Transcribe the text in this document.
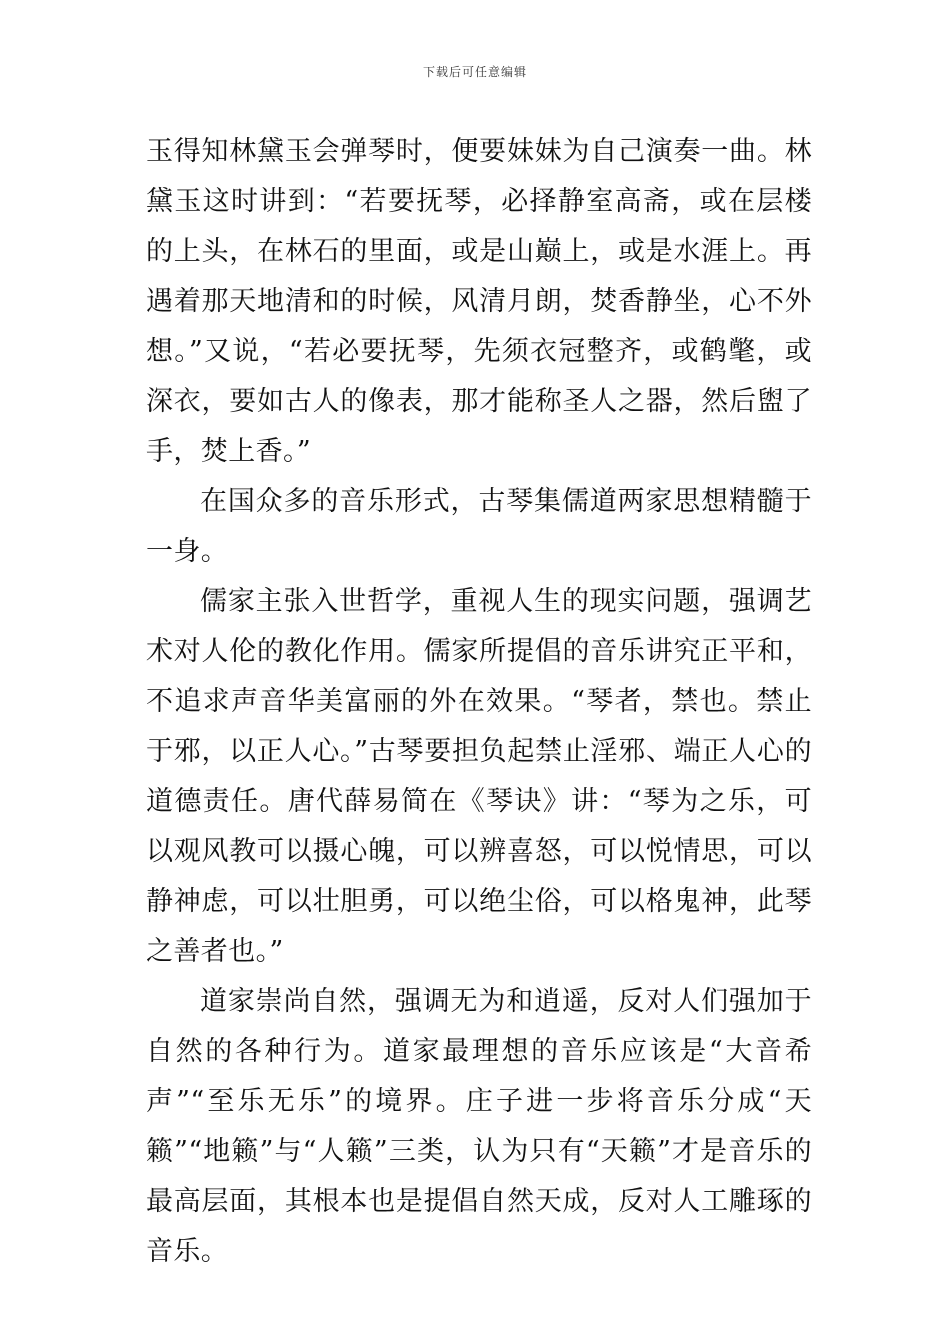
下载后可任意编辑

玉得知林黛玉会弹琴时，便要妹妹为自己演奏一曲。林黛玉这时讲到：“若要抚琴，必择静室高斋，或在层楼的上头，在林石的里面，或是山巅上，或是水涯上。再遇着那天地清和的时候，风清月朗，焚香静坐，心不外想。”又说，“若必要抚琴，先须衣冠整齐，或鹤氅，或深衣，要如古人的像表，那才能称圣人之器，然后盥了手，焚上香。”

在国众多的音乐形式，古琴集儒道两家思想精髓于一身。

儒家主张入世哲学，重视人生的现实问题，强调艺术对人伦的教化作用。儒家所提倡的音乐讲究正平和，不追求声音华美富丽的外在效果。“琴者，禁也。禁止于邪，以正人心。”古琴要担负起禁止淫邪、端正人心的道德责任。唐代薛易简在《琴诀》讲：“琴为之乐，可以观风教可以摄心魄，可以辨喜怒，可以悦情思，可以静神虑，可以壮胆勇，可以绝尘俗，可以格鬼神，此琴之善者也。”

道家崇尚自然，强调无为和逍遥，反对人们强加于自然的各种行为。道家最理想的音乐应该是“大音希声”“至乐无乐”的境界。庄子进一步将音乐分成“天籁”“地籁”与“人籁”三类，认为只有“天籁”才是音乐的最高层面，其根本也是提倡自然天成，反对人工雕琢的音乐。
